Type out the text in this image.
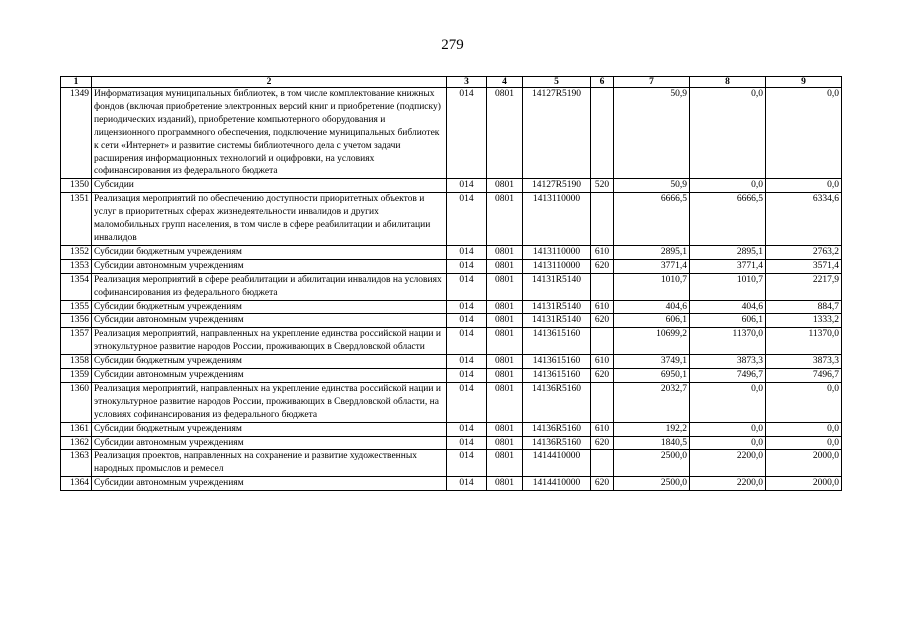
279
1	2	3	4	5	6	7	8	9
1349	Информатизация муниципальных библиотек, в том числе комплектование книжных фондов (включая приобретение электронных версий книг и приобретение (подписку) периодических изданий), приобретение компьютерного оборудования и лицензионного программного обеспечения, подключение муниципальных библиотек к сети «Интернет» и развитие системы библиотечного дела с учетом задачи расширения информационных технологий и оцифровки, на условиях софинансирования из федерального бюджета	014	0801	14127R5190		50,9	0,0	0,0
1350	Субсидии	014	0801	14127R5190	520	50,9	0,0	0,0
1351	Реализация мероприятий по обеспечению доступности приоритетных объектов и услуг в приоритетных сферах жизнедеятельности инвалидов и других маломобильных групп населения, в том числе в сфере реабилитации и абилитации инвалидов	014	0801	1413110000		6666,5	6666,5	6334,6
1352	Субсидии бюджетным учреждениям	014	0801	1413110000	610	2895,1	2895,1	2763,2
1353	Субсидии автономным учреждениям	014	0801	1413110000	620	3771,4	3771,4	3571,4
1354	Реализация мероприятий в сфере реабилитации и абилитации инвалидов на условиях софинансирования из федерального бюджета	014	0801	14131R5140		1010,7	1010,7	2217,9
1355	Субсидии бюджетным учреждениям	014	0801	14131R5140	610	404,6	404,6	884,7
1356	Субсидии автономным учреждениям	014	0801	14131R5140	620	606,1	606,1	1333,2
1357	Реализация мероприятий, направленных на укрепление единства российской нации и этнокультурное развитие народов России, проживающих в Свердловской области	014	0801	1413615160		10699,2	11370,0	11370,0
1358	Субсидии бюджетным учреждениям	014	0801	1413615160	610	3749,1	3873,3	3873,3
1359	Субсидии автономным учреждениям	014	0801	1413615160	620	6950,1	7496,7	7496,7
1360	Реализация мероприятий, направленных на укрепление единства российской нации и этнокультурное развитие народов России, проживающих в Свердловской области, на условиях софинансирования из федерального бюджета	014	0801	14136R5160		2032,7	0,0	0,0
1361	Субсидии бюджетным учреждениям	014	0801	14136R5160	610	192,2	0,0	0,0
1362	Субсидии автономным учреждениям	014	0801	14136R5160	620	1840,5	0,0	0,0
1363	Реализация проектов, направленных на сохранение и развитие художественных народных промыслов и ремесел	014	0801	1414410000		2500,0	2200,0	2000,0
1364	Субсидии автономным учреждениям	014	0801	1414410000	620	2500,0	2200,0	2000,0
